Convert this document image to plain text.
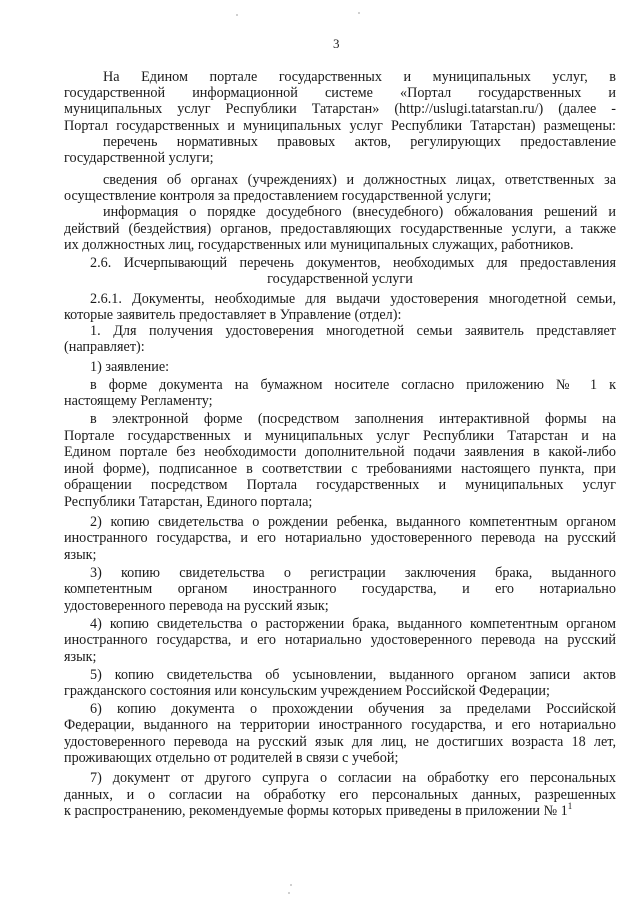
3
На Едином портале государственных и муниципальных услуг, в
государственной информационной системе «Портал государственных и
муниципальных услуг Республики Татарстан» (http://uslugi.tatarstan.ru/) (далее -
Портал государственных и муниципальных услуг Республики Татарстан) размещены:
перечень нормативных правовых актов, регулирующих предоставление
государственной услуги;
сведения об органах (учреждениях) и должностных лицах, ответственных за
осуществление контроля за предоставлением государственной услуги;
информация о порядке досудебного (внесудебного) обжалования решений и
действий (бездействия) органов, предоставляющих государственные услуги, а также
их должностных лиц, государственных или муниципальных служащих, работников.
2.6. Исчерпывающий перечень документов, необходимых для предоставления
государственной услуги
2.6.1. Документы, необходимые для выдачи удостоверения многодетной семьи,
которые заявитель предоставляет в Управление (отдел):
1. Для получения удостоверения многодетной семьи заявитель представляет
(направляет):
1) заявление:
в форме документа на бумажном носителе согласно приложению № 1 к
настоящему Регламенту;
в электронной форме (посредством заполнения интерактивной формы на
Портале государственных и муниципальных услуг Республики Татарстан и на
Едином портале без необходимости дополнительной подачи заявления в какой-либо
иной форме), подписанное в соответствии с требованиями настоящего пункта, при
обращении посредством Портала государственных и муниципальных услуг
Республики Татарстан, Единого портала;
2) копию свидетельства о рождении ребенка, выданного компетентным органом
иностранного государства, и его нотариально удостоверенного перевода на русский
язык;
3) копию свидетельства о регистрации заключения брака, выданного
компетентным органом иностранного государства, и его нотариально
удостоверенного перевода на русский язык;
4) копию свидетельства о расторжении брака, выданного компетентным органом
иностранного государства, и его нотариально удостоверенного перевода на русский
язык;
5) копию свидетельства об усыновлении, выданного органом записи актов
гражданского состояния или консульским учреждением Российской Федерации;
6) копию документа о прохождении обучения за пределами Российской
Федерации, выданного на территории иностранного государства, и его нотариально
удостоверенного перевода на русский язык для лиц, не достигших возраста 18 лет,
проживающих отдельно от родителей в связи с учебой;
7) документ от другого супруга о согласии на обработку его персональных
данных, и о согласии на обработку его персональных данных, разрешенных
к распространению, рекомендуемые формы которых приведены в приложении № $1^1$
